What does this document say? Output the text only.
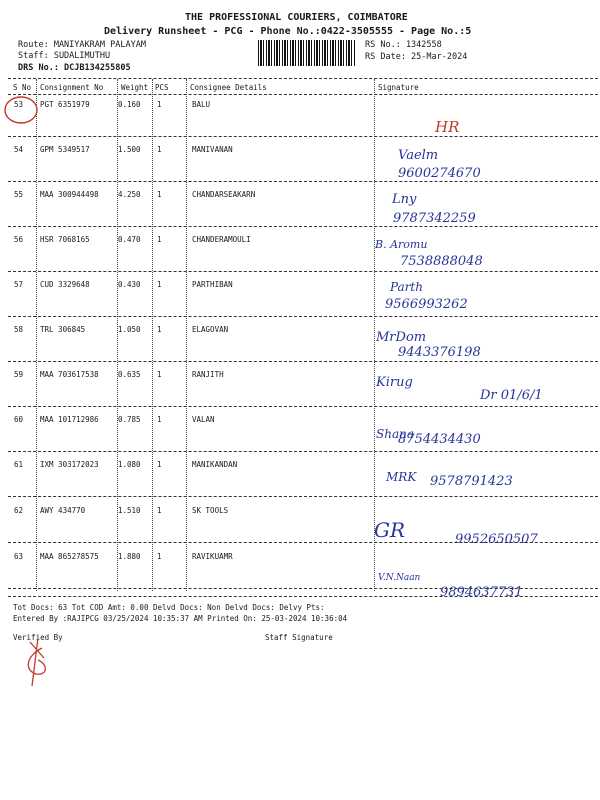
THE PROFESSIONAL COURIERS, COIMBATORE
Delivery Runsheet - PCG - Phone No.:0422-3505555 - Page No.:5
Route: MANIYAKRAM PALAYAM
Staff: SUDALIMUTHU
DRS No.: DCJB134255805
RS No.: 1342558
RS Date: 25-Mar-2024
S No Consignment No Weight PCS	Consignee Details	Signature
53 PGT 6351979	0.160 1	BALU
HR
54 GPM 5349517	1.500 1	MANIVANAN	Vaelm
9600274670
55 MAA 300944498	4.250 1	CHANDARSEAKARN	Lny
9787342259
56 HSR 7068165	0.470 1	CHANDERAMOULI	B. Aromu
7538888048
57 CUD 3329648	0.430 1	PARTHIBAN	Parth
9566993262
58 TRL 306845	1.050 1	ELAGOVAN
MrDom
9443376198
59 MAA 703617538	0.635 1	RANJITH
Kirug
Dr 01/6/1
60 MAA 101712986	0.785 1	VALAN
Shana
8754434430
61 IXM 303172023	1.080 1	MANIKANDAN
MRK 9578791423
62 AWY 434770	1.510 1	SK TOOLS
GR	9952650507
63 MAA 865278575	1.880 1	RAVIKUAMR
V.N.Naan
9894637731
Tot Docs: 63 Tot COD Amt: 0.00 Delvd Docs: Non Delvd Docs: Delvy Pts:
Entered By :RAJIPCG 03/25/2024 10:35:37 AM Printed On: 25-03-2024 10:36:04
Verified By	Staff Signature
